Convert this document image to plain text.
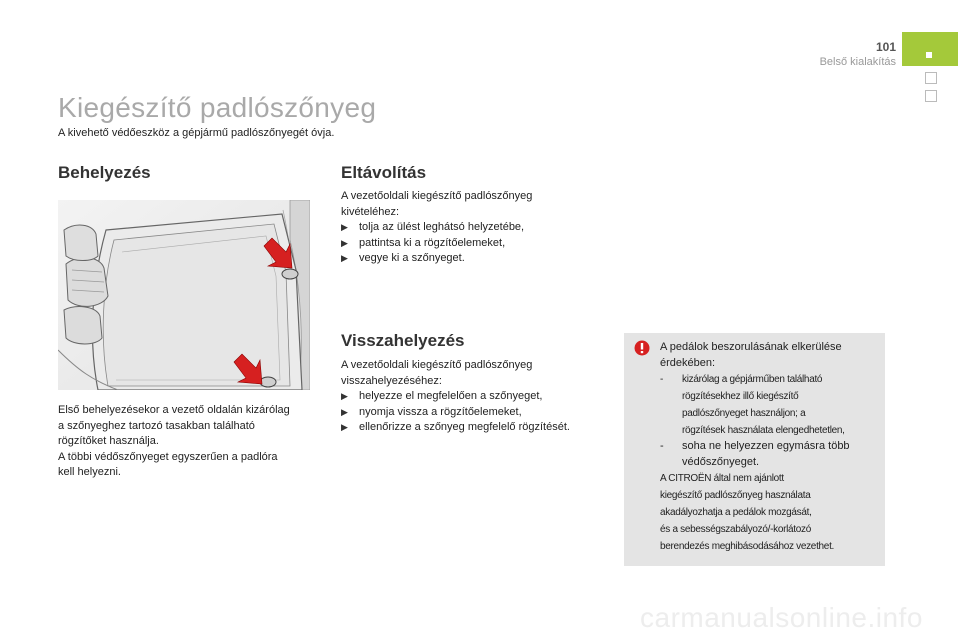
101
Belső kialakítás
Kiegészítő padlószőnyeg
A kivehető védőeszköz a gépjármű padlószőnyegét óvja.
Behelyezés
Első behelyezésekor a vezető oldalán kizárólag
a szőnyeghez tartozó tasakban található
rögzítőket használja.
A többi védőszőnyeget egyszerűen a padlóra
kell helyezni.
Eltávolítás
A vezetőoldali kiegészítő padlószőnyeg
kivételéhez:
▶ tolja az ülést leghátsó helyzetébe,
▶ pattintsa ki a rögzítőelemeket,
▶ vegye ki a szőnyeget.
Visszahelyezés
A vezetőoldali kiegészítő padlószőnyeg
visszahelyezéséhez:
▶ helyezze el megfelelően a szőnyeget,
▶ nyomja vissza a rögzítőelemeket,
▶ ellenőrizze a szőnyeg megfelelő rögzítését.
A pedálok beszorulásának elkerülése
érdekében:
- kizárólag a gépjárműben található
rögzítésekhez illő kiegészítő
padlószőnyeget használjon; a
rögzítések használata elengedhetetlen,
- soha ne helyezzen egymásra több
védőszőnyeget.
A CITROËN által nem ajánlott
kiegészítő padlószőnyeg használata
akadályozhatja a pedálok mozgását,
és a sebességszabályozó/-korlátozó
berendezés meghibásodásához vezethet.
carmanualsonline.info
